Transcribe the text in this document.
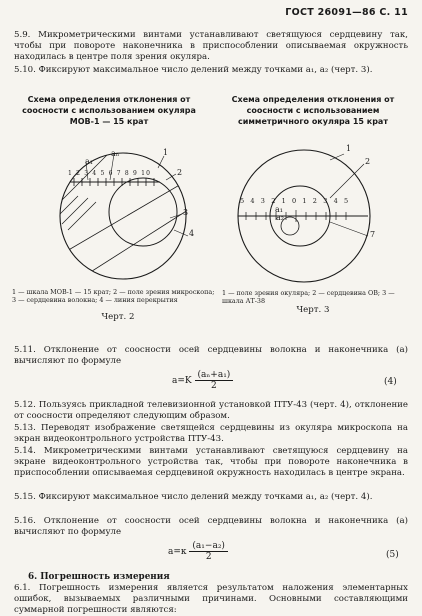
ГОСТ 26091—86 С. 11
5.9. Микрометрическими винтами устанавливают светящуюся сердцевину так, чтобы при повороте наконечника в приспособлении описываемая окружность находилась в центре поля зрения окуляра.
5.10. Фиксируют максимальное число делений между точками a₁, a₂ (черт. 3).
Схема определения отклонения от соосности с использованием окуляра МОВ-1 — 15 крат
a₁
aₙ
1 2 3 4 5 6 7 8 9 10
1
2
3
4
1 — шкала МОВ-1 — 15 крат; 2 — поле зрения микроскопа; 3 — сердцевина волокна; 4 — линия перекрытия
Черт. 2
Схема определения отклонения от соосности с использованием симметричного окуляра 15 крат
5 4 3 2 1 0 1 2 3 4 5
a₁
a₂
1
2
7
1 — поле зрения окуляра; 2 — сердцевина ОВ; 3 — шкала АТ-38
Черт. 3
5.11. Отклонение от соосности осей сердцевины волокна и наконечника (a) вычисляют по формуле
$a=K \frac{\text{(aₙ+a₁)}}{2}$	(4)
5.12. Пользуясь прикладной телевизионной установкой ПТУ-43 (черт. 4), отклонение от соосности определяют следующим образом.
5.13. Переводят изображение светящейся сердцевины из окуляра микроскопа на экран видеоконтрольного устройства ПТУ-43.
5.14. Микрометрическими винтами устанавливают светящуюся сердцевину на экране видеоконтрольного устройства так, чтобы при повороте наконечника в приспособлении описываемая сердцевиной окружность находилась в центре экрана.
5.15. Фиксируют максимальное число делений между точками a₁, a₂ (черт. 4).
5.16. Отклонение от соосности осей сердцевины волокна и наконечника (a) вычисляют по формуле
$a=к \frac{\text{(a₁−a₂)}}{2}$	(5)
6. Погрешность измерения
6.1. Погрешность измерения является результатом наложения элементарных ошибок, вызываемых различными причинами. Основными составляющими суммарной погрешности являются:
